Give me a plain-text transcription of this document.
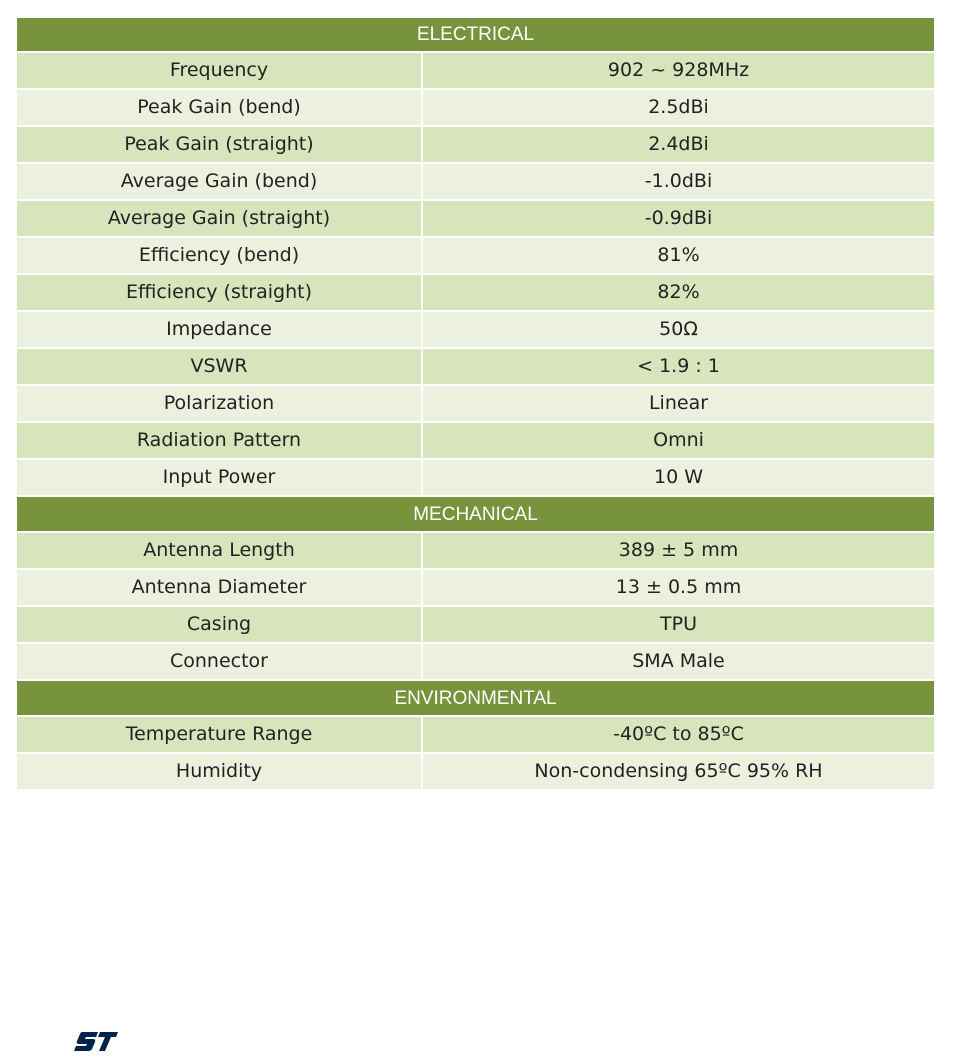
ELECTRICAL	
Frequency	902 ~ 928MHz
Peak Gain (bend)	2.5dBi
Peak Gain (straight)	2.4dBi
Average Gain (bend)	-1.0dBi
Average Gain (straight)	-0.9dBi
Efficiency (bend)	81%
Efficiency (straight)	82%
Impedance	50Ω
VSWR	< 1.9 : 1
Polarization	Linear
Radiation Pattern	Omni
Input Power	10 W
MECHANICAL	
Antenna Length	389 ± 5 mm
Antenna Diameter	13 ± 0.5 mm
Casing	TPU
Connector	SMA Male
ENVIRONMENTAL	
Temperature Range	-40ºC to 85ºC
Humidity	Non-condensing 65ºC 95% RH
